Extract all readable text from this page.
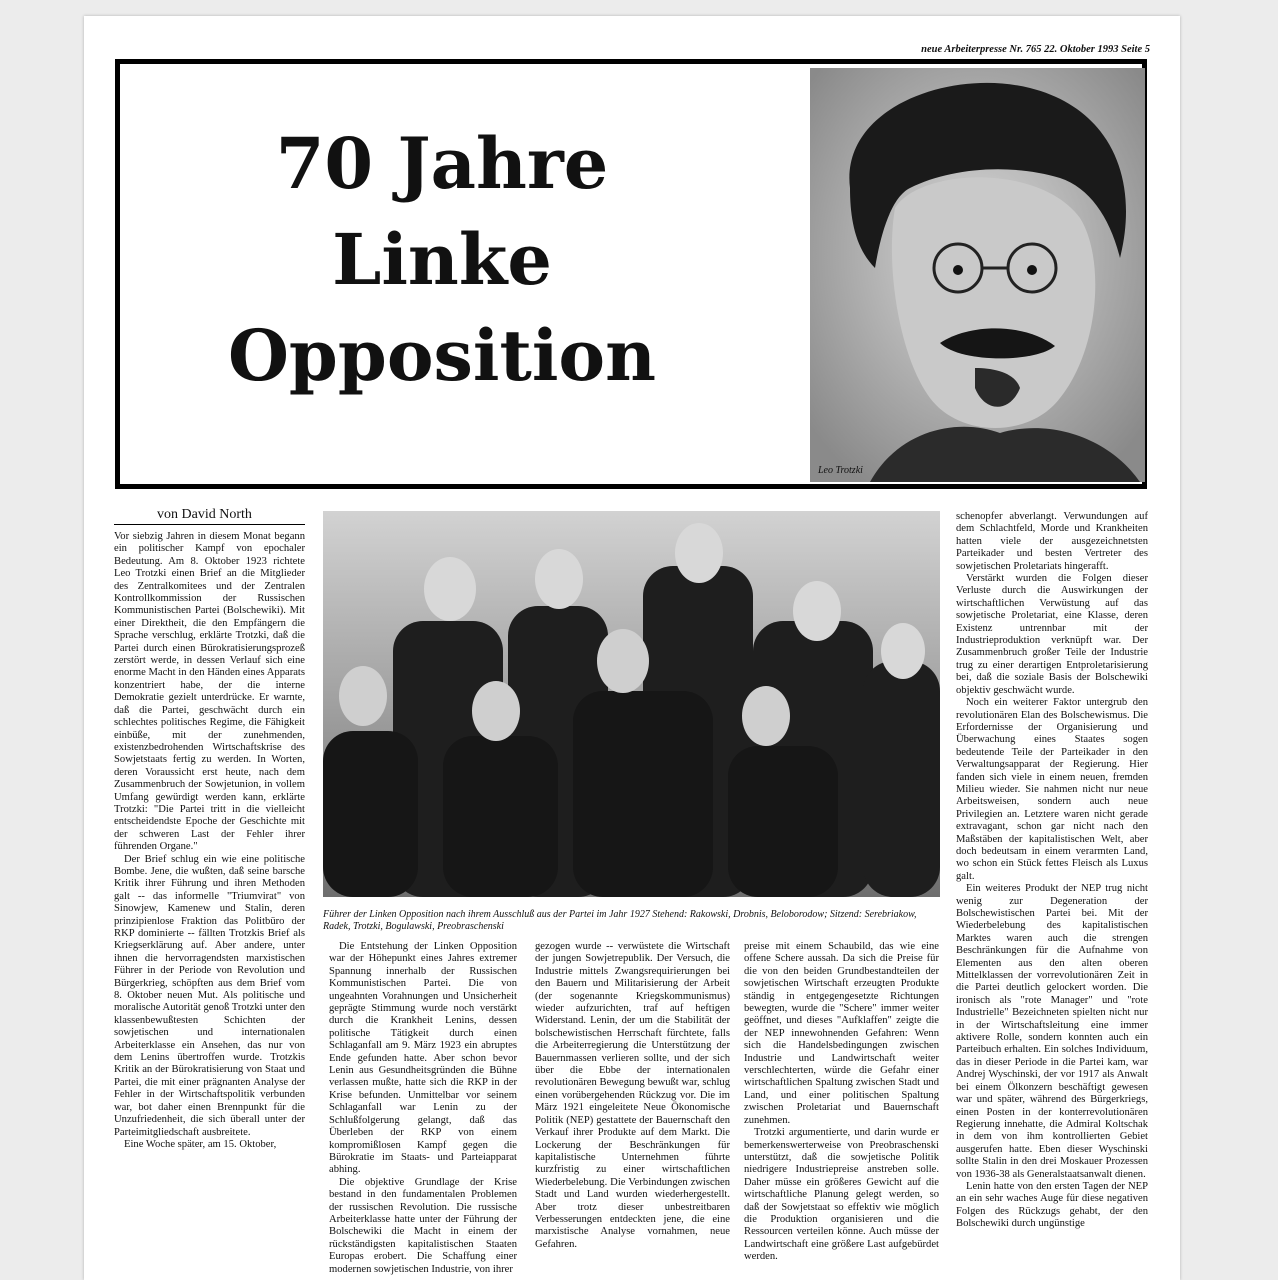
neue Arbeiterpresse Nr. 765 22. Oktober 1993 Seite 5
70 Jahre
Linke
Opposition
Leo Trotzki
von David North

Vor siebzig Jahren in diesem Monat begann ein politischer Kampf von epochaler Bedeutung. Am 8. Oktober 1923 richtete Leo Trotzki einen Brief an die Mitglieder des Zentralkomitees und der Zentralen Kontrollkommission der Russischen Kommunistischen Partei (Bolschewiki). Mit einer Direktheit, die den Empfängern die Sprache verschlug, erklärte Trotzki, daß die Partei durch einen Bürokratisierungsprozeß zerstört werde, in dessen Verlauf sich eine enorme Macht in den Händen eines Apparats konzentriert habe, der die interne Demokratie gezielt unterdrücke. Er warnte, daß die Partei, geschwächt durch ein schlechtes politisches Regime, die Fähigkeit einbüße, mit der zunehmenden, existenzbedrohenden Wirtschaftskrise des Sowjetstaats fertig zu werden. In Worten, deren Voraussicht erst heute, nach dem Zusammenbruch der Sowjetunion, in vollem Umfang gewürdigt werden kann, erklärte Trotzki: "Die Partei tritt in die vielleicht entscheidendste Epoche der Geschichte mit der schweren Last der Fehler ihrer führenden Organe."

Der Brief schlug ein wie eine politische Bombe. Jene, die wußten, daß seine barsche Kritik ihrer Führung und ihren Methoden galt -- das informelle "Triumvirat" von Sinowjew, Kamenew und Stalin, deren prinzipienlose Fraktion das Politbüro der RKP dominierte -- fällten Trotzkis Brief als Kriegserklärung auf. Aber andere, unter ihnen die hervorragendsten marxistischen Führer in der Periode von Revolution und Bürgerkrieg, schöpften aus dem Brief vom 8. Oktober neuen Mut. Als politische und moralische Autorität genoß Trotzki unter den klassenbewußtesten Schichten der sowjetischen und internationalen Arbeiterklasse ein Ansehen, das nur von dem Lenins übertroffen wurde. Trotzkis Kritik an der Bürokratisierung von Staat und Partei, die mit einer prägnanten Analyse der Fehler in der Wirtschaftspolitik verbunden war, bot daher einen Brennpunkt für die Unzufriedenheit, die sich überall unter der Parteimitgliedschaft ausbreitete.

Eine Woche später, am 15. Oktober,

Führer der Linken Opposition nach ihrem Ausschluß aus der Partei im Jahr 1927 Stehend: Rakowski, Drobnis, Beloborodow; Sitzend: Serebriakow, Radek, Trotzki, Bogulawski, Preobraschenski

Die Entstehung der Linken Opposition war der Höhepunkt eines Jahres extremer Spannung innerhalb der Russischen Kommunistischen Partei. Die von ungeahnten Vorahnungen und Unsicherheit geprägte Stimmung wurde noch verstärkt durch die Krankheit Lenins, dessen politische Tätigkeit durch einen Schlaganfall am 9. März 1923 ein abruptes Ende gefunden hatte. Aber schon bevor Lenin aus Gesundheitsgründen die Bühne verlassen mußte, hatte sich die RKP in der Krise befunden. Unmittelbar vor seinem Schlaganfall war Lenin zu der Schlußfolgerung gelangt, daß das Überleben der RKP von einem kompromißlosen Kampf gegen die Bürokratie im Staats- und Parteiapparat abhing.

Die objektive Grundlage der Krise bestand in den fundamentalen Problemen der russischen Revolution. Die russische Arbeiterklasse hatte unter der Führung der Bolschewiki die Macht in einem der rückständigsten kapitalistischen Staaten Europas erobert. Die Schaffung einer modernen sowjetischen Industrie, von ihrer

gezogen wurde -- verwüstete die Wirtschaft der jungen Sowjetrepublik. Der Versuch, die Industrie mittels Zwangsrequirierungen bei den Bauern und Militarisierung der Arbeit (der sogenannte Kriegskommunismus) wieder aufzurichten, traf auf heftigen Widerstand. Lenin, der um die Stabilität der bolschewistischen Herrschaft fürchtete, falls die Arbeiterregierung die Unterstützung der Bauernmassen verlieren sollte, und der sich über die Ebbe der internationalen revolutionären Bewegung bewußt war, schlug einen vorübergehenden Rückzug vor. Die im März 1921 eingeleitete Neue Ökonomische Politik (NEP) gestattete der Bauernschaft den Verkauf ihrer Produkte auf dem Markt. Die Lockerung der Beschränkungen für kapitalistische Unternehmen führte kurzfristig zu einer wirtschaftlichen Wiederbelebung. Die Verbindungen zwischen Stadt und Land wurden wiederhergestellt. Aber trotz dieser unbestreitbaren Verbesserungen entdeckten jene, die eine marxistische Analyse vornahmen, neue Gefahren.

preise mit einem Schaubild, das wie eine offene Schere aussah. Da sich die Preise für die von den beiden Grundbestandteilen der sowjetischen Wirtschaft erzeugten Produkte ständig in entgegengesetzte Richtungen bewegten, wurde die "Schere" immer weiter geöffnet, und dieses "Aufklaffen" zeigte die der NEP innewohnenden Gefahren: Wenn sich die Handelsbedingungen zwischen Industrie und Landwirtschaft weiter verschlechterten, würde die Gefahr einer wirtschaftlichen Spaltung zwischen Stadt und Land, und einer politischen Spaltung zwischen Proletariat und Bauernschaft zunehmen.

Trotzki argumentierte, und darin wurde er bemerkenswerterweise von Preobraschenski unterstützt, daß die sowjetische Politik niedrigere Industriepreise anstreben solle. Daher müsse ein größeres Gewicht auf die wirtschaftliche Planung gelegt werden, so daß der Sowjetstaat so effektiv wie möglich die Produktion organisieren und die Ressourcen verteilen könne. Auch müsse der Landwirtschaft eine größere Last aufgebürdet werden.

schenopfer abverlangt. Verwundungen auf dem Schlachtfeld, Morde und Krankheiten hatten viele der ausgezeichnetsten Parteikader und besten Vertreter des sowjetischen Proletariats hingerafft.

Verstärkt wurden die Folgen dieser Verluste durch die Auswirkungen der wirtschaftlichen Verwüstung auf das sowjetische Proletariat, eine Klasse, deren Existenz untrennbar mit der Industrieproduktion verknüpft war. Der Zusammenbruch großer Teile der Industrie trug zu einer derartigen Entproletarisierung bei, daß die soziale Basis der Bolschewiki objektiv geschwächt wurde.

Noch ein weiterer Faktor untergrub den revolutionären Elan des Bolschewismus. Die Erfordernisse der Organisierung und Überwachung eines Staates sogen bedeutende Teile der Parteikader in den Verwaltungsapparat der Regierung. Hier fanden sich viele in einem neuen, fremden Milieu wieder. Sie nahmen nicht nur neue Arbeitsweisen, sondern auch neue Privilegien an. Letztere waren nicht gerade extravagant, schon gar nicht nach den Maßstäben der kapitalistischen Welt, aber doch bedeutsam in einem verarmten Land, wo schon ein Stück fettes Fleisch als Luxus galt.

Ein weiteres Produkt der NEP trug nicht wenig zur Degeneration der Bolschewistischen Partei bei. Mit der Wiederbelebung des kapitalistischen Marktes waren auch die strengen Beschränkungen für die Aufnahme von Elementen aus den alten oberen Mittelklassen der vorrevolutionären Zeit in die Partei deutlich gelockert worden. Die ironisch als "rote Manager" und "rote Industrielle" Bezeichneten spielten nicht nur in der Wirtschaftsleitung eine immer aktivere Rolle, sondern konnten auch ein Parteibuch erhalten. Ein solches Individuum, das in dieser Periode in die Partei kam, war Andrej Wyschinski, der vor 1917 als Anwalt bei einem Ölkonzern beschäftigt gewesen war und später, während des Bürgerkriegs, einen Posten in der konterrevolutionären Regierung innehatte, die Admiral Koltschak in dem von ihm kontrollierten Gebiet ausgerufen hatte. Eben dieser Wyschinski sollte Stalin in den drei Moskauer Prozessen von 1936-38 als Generalstaatsanwalt dienen.

Lenin hatte von den ersten Tagen der NEP an ein sehr waches Auge für diese negativen Folgen des Rückzugs gehabt, der den Bolschewiki durch ungünstige
